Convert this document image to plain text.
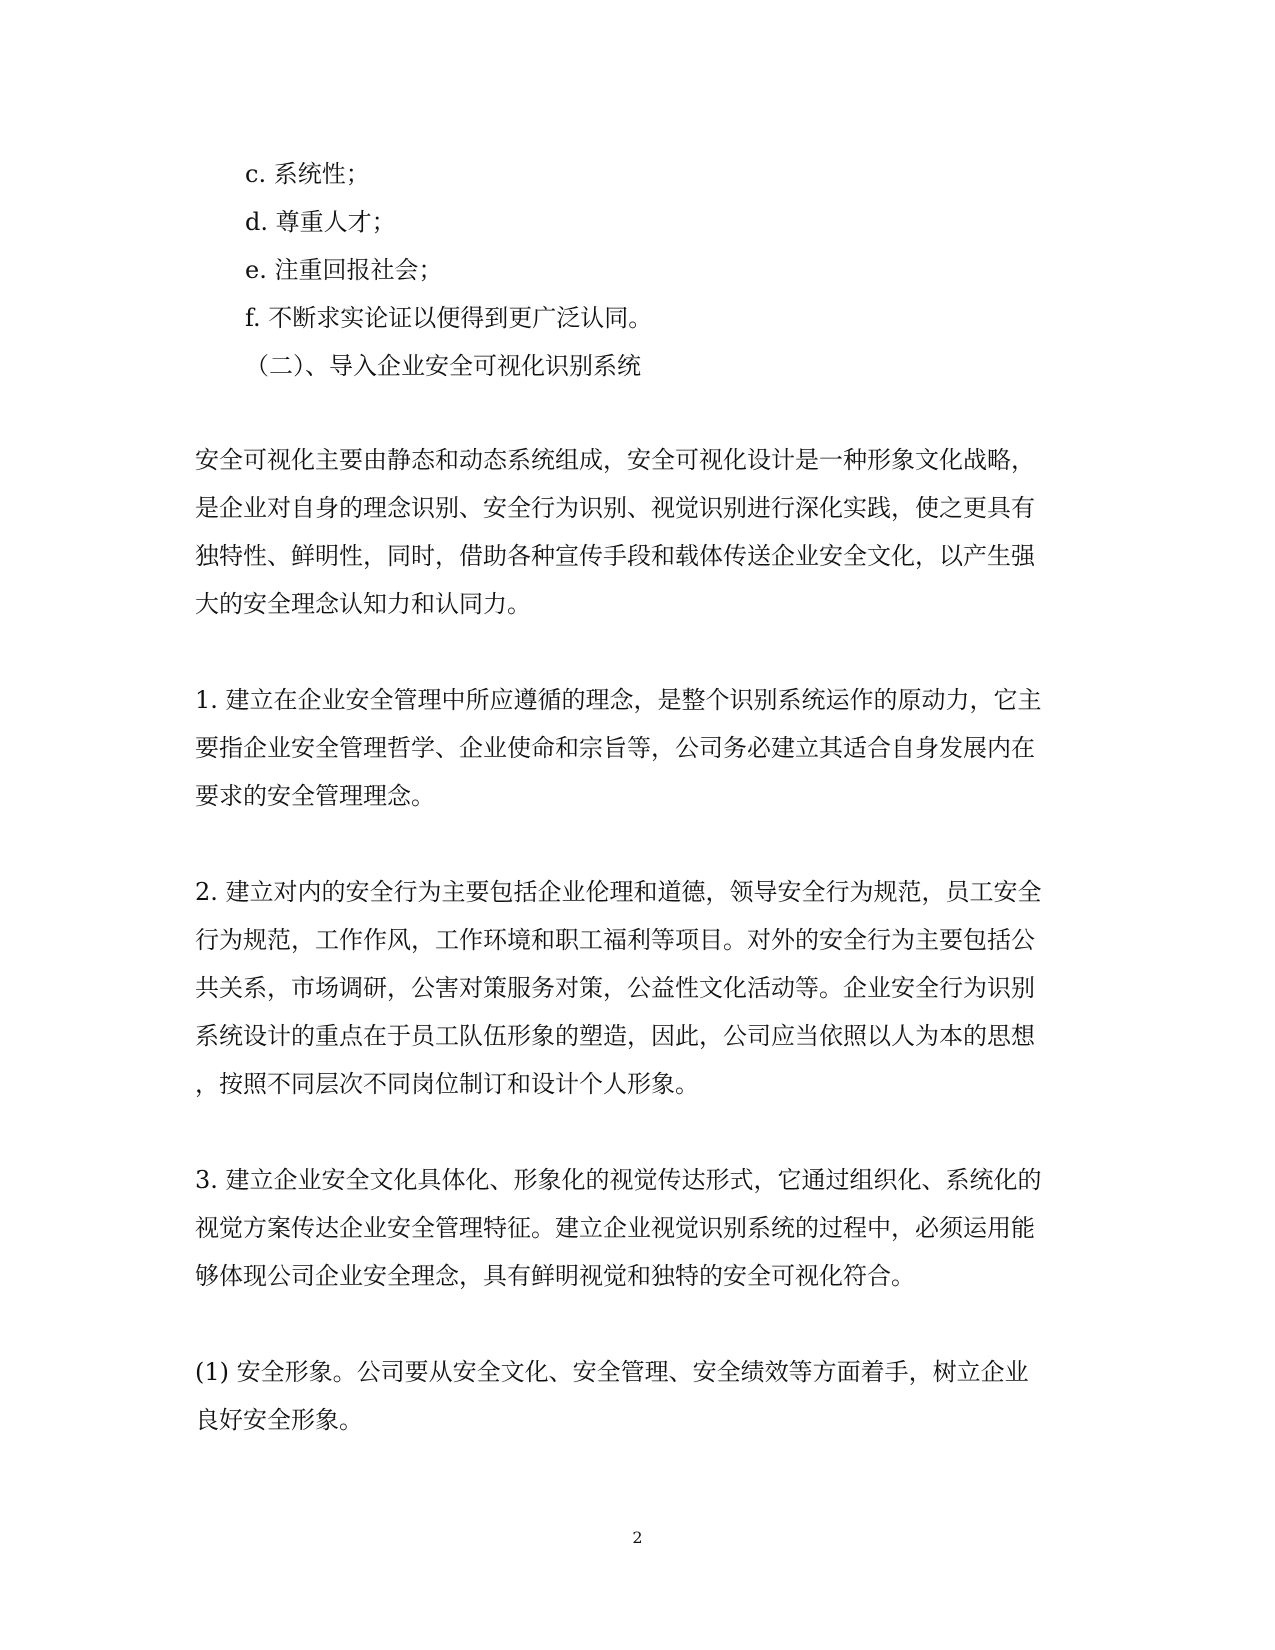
c. 系统性；
d. 尊重人才；
e. 注重回报社会；
f. 不断求实论证以便得到更广泛认同。
（二）、导入企业安全可视化识别系统
安全可视化主要由静态和动态系统组成，安全可视化设计是一种形象文化战略，
是企业对自身的理念识别、安全行为识别、视觉识别进行深化实践，使之更具有
独特性、鲜明性，同时，借助各种宣传手段和载体传送企业安全文化，以产生强
大的安全理念认知力和认同力。
1. 建立在企业安全管理中所应遵循的理念，是整个识别系统运作的原动力，它主
要指企业安全管理哲学、企业使命和宗旨等，公司务必建立其适合自身发展内在
要求的安全管理理念。
2. 建立对内的安全行为主要包括企业伦理和道德，领导安全行为规范，员工安全
行为规范，工作作风，工作环境和职工福利等项目。对外的安全行为主要包括公
共关系，市场调研，公害对策服务对策，公益性文化活动等。企业安全行为识别
系统设计的重点在于员工队伍形象的塑造，因此，公司应当依照以人为本的思想
，按照不同层次不同岗位制订和设计个人形象。
3. 建立企业安全文化具体化、形象化的视觉传达形式，它通过组织化、系统化的
视觉方案传达企业安全管理特征。建立企业视觉识别系统的过程中，必须运用能
够体现公司企业安全理念，具有鲜明视觉和独特的安全可视化符合。
(1) 安全形象。公司要从安全文化、安全管理、安全绩效等方面着手，树立企业
良好安全形象。
2
